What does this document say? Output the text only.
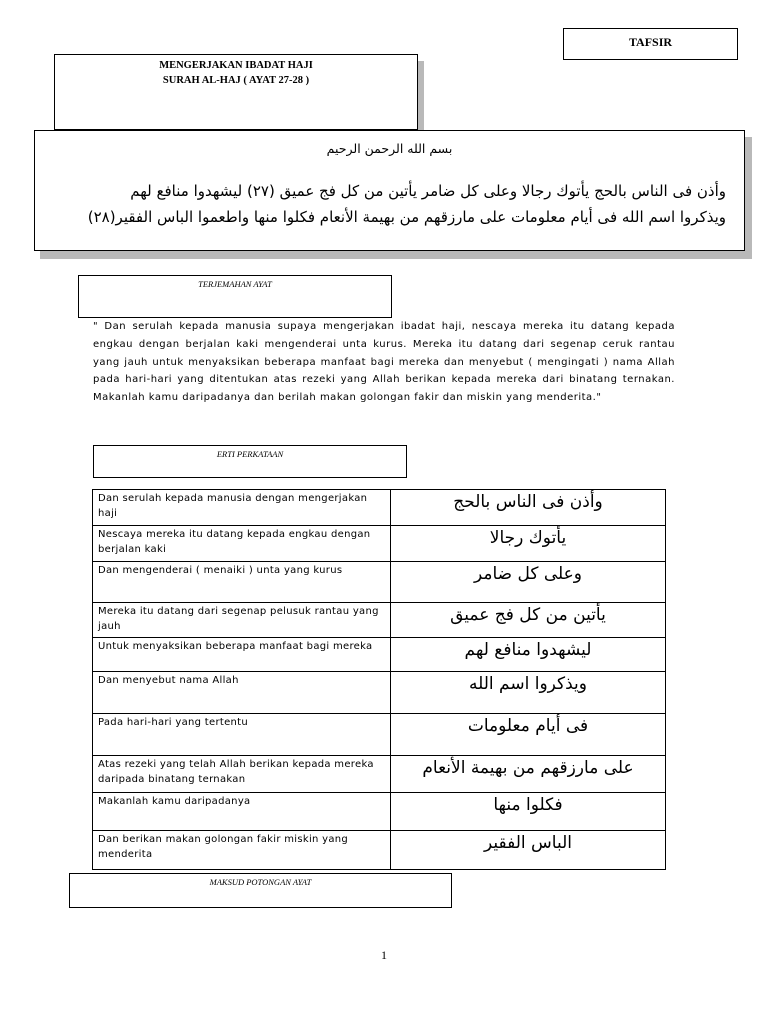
TAFSIR
MENGERJAKAN IBADAT HAJI
SURAH AL-HAJ ( AYAT 27-28 )
بسم الله الرحمن الرحيم
وأذن فى الناس بالحج يأتوك رجالا وعلى كل ضامر يأتين من كل فج عميق (٢٧) ليشهدوا منافع لهم
ويذكروا اسم الله فى أيام معلومات على مارزقهم من بهيمة الأنعام فكلوا منها واطعموا الباس الفقير(٢٨)
TERJEMAHAN AYAT
" Dan serulah kepada manusia supaya mengerjakan ibadat haji, nescaya mereka itu datang kepada engkau dengan berjalan kaki mengenderai unta kurus. Mereka itu datang dari segenap ceruk rantau yang jauh untuk menyaksikan beberapa manfaat bagi mereka dan menyebut ( mengingati ) nama Allah pada hari-hari yang ditentukan atas rezeki yang Allah berikan kepada mereka dari binatang ternakan. Makanlah kamu daripadanya dan berilah makan golongan fakir dan miskin yang menderita."
ERTI PERKATAAN
Dan serulah kepada manusia dengan mengerjakan haji	وأذن فى الناس بالحج
Nescaya mereka itu datang kepada engkau dengan berjalan kaki	يأتوك رجالا
Dan mengenderai ( menaiki ) unta yang kurus	وعلى كل ضامر
Mereka itu datang dari segenap pelusuk rantau yang jauh	يأتين من كل فج عميق
Untuk menyaksikan beberapa manfaat bagi mereka	ليشهدوا منافع لهم
Dan menyebut nama Allah	ويذكروا اسم الله
Pada hari-hari yang tertentu	فى أيام معلومات
Atas rezeki yang telah Allah berikan kepada mereka daripada binatang ternakan	على مارزقهم من بهيمة الأنعام
Makanlah kamu daripadanya	فكلوا منها
Dan berikan makan golongan fakir miskin yang menderita	الباس الفقير
MAKSUD POTONGAN AYAT
1
